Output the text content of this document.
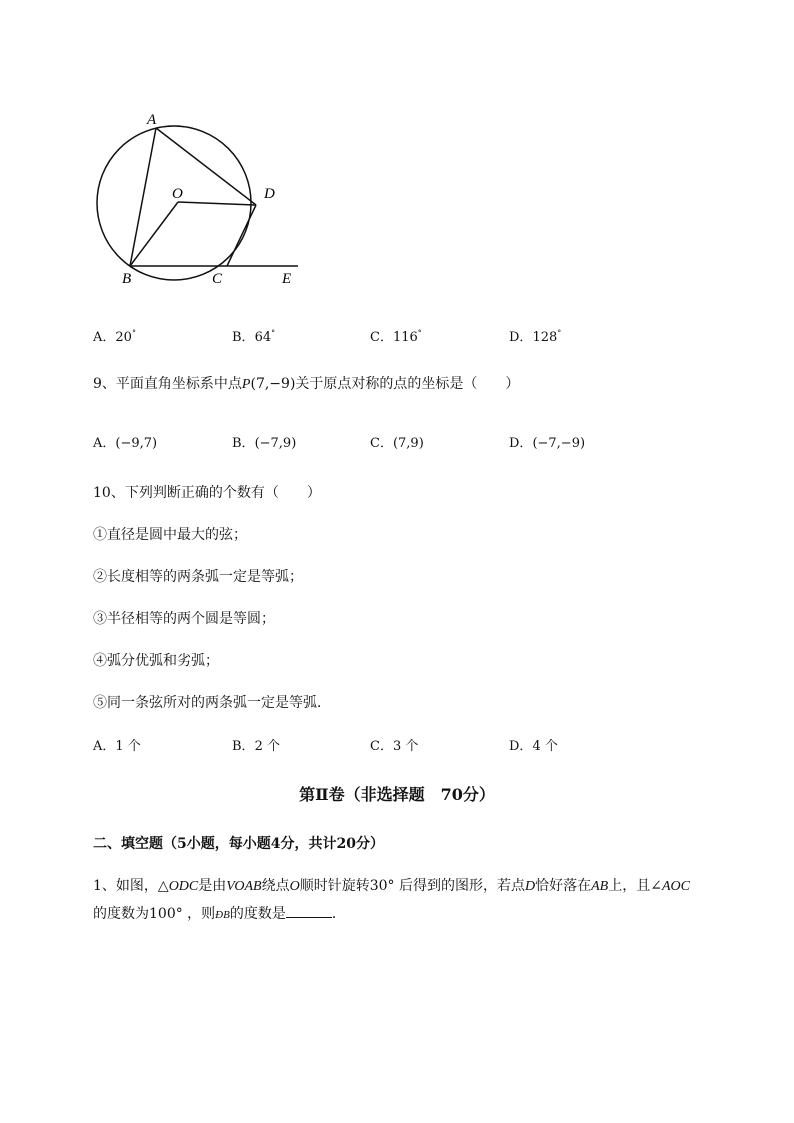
A
O	D
B	C	E
A．20°	B．64°	C．116°	D．128°
9、平面直角坐标系中点P(7,−9)关于原点对称的点的坐标是（　　）
A．(−9,7)	B．(−7,9)	C．(7,9)	D．(−7,−9)
10、下列判断正确的个数有（　　）
①直径是圆中最大的弦；
②长度相等的两条弧一定是等弧；
③半径相等的两个圆是等圆；
④弧分优弧和劣弧；
⑤同一条弦所对的两条弧一定是等弧．
A．1 个	B．2 个	C．3 个	D．4 个
第Ⅱ卷（非选择题　70分）
二、填空题（5小题，每小题4分，共计20分）
1、如图，△ODC是由VOAB绕点O顺时针旋转30° 后得到的图形，若点D恰好落在AB上，且∠AOC
的度数为100° ，则ÐB的度数是	．
